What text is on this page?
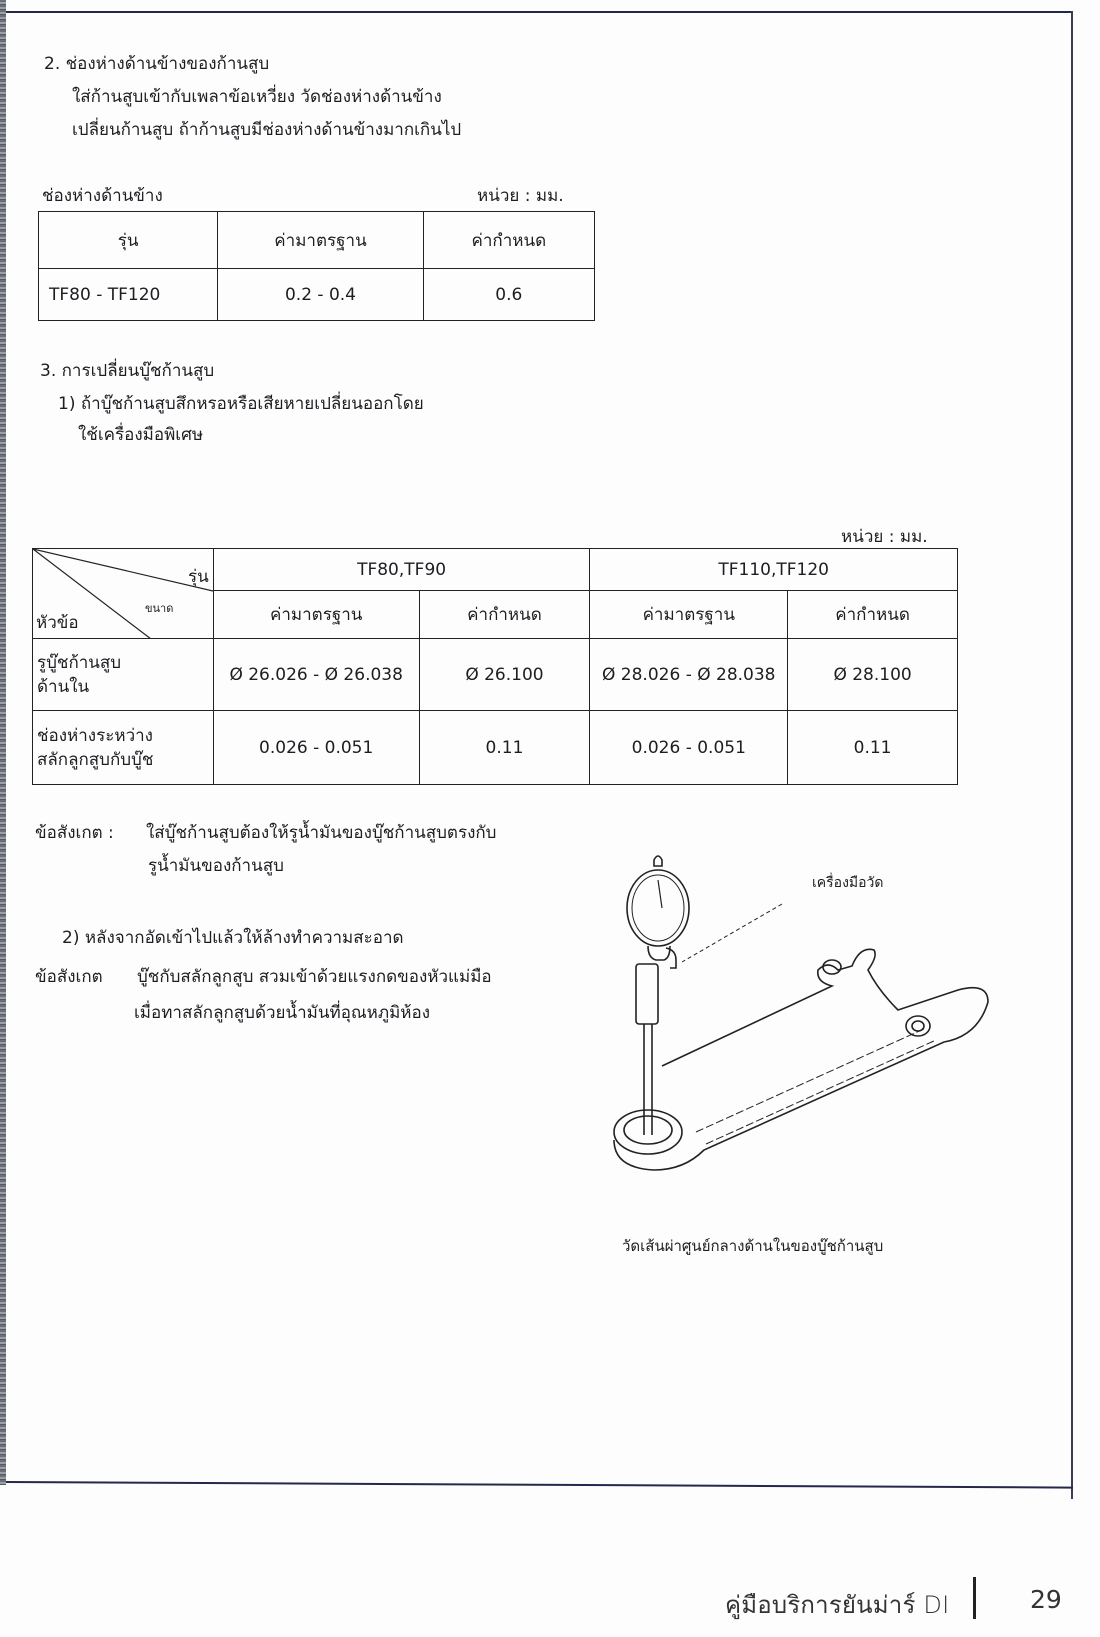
2. ช่องห่างด้านข้างของก้านสูบ
ใส่ก้านสูบเข้ากับเพลาข้อเหวี่ยง วัดช่องห่างด้านข้าง
เปลี่ยนก้านสูบ ถ้าก้านสูบมีช่องห่างด้านข้างมากเกินไป
ช่องห่างด้านข้าง	หน่วย : มม.
รุ่น	ค่ามาตรฐาน	ค่ากำหนด
TF80 - TF120	0.2 - 0.4	0.6
3. การเปลี่ยนบู๊ชก้านสูบ
1) ถ้าบู๊ชก้านสูบสึกหรอหรือเสียหายเปลี่ยนออกโดย
ใช้เครื่องมือพิเศษ
หน่วย : มม.
รุ่น
ขนาด
หัวข้อ	TF80,TF90		TF110,TF120	
	ค่ามาตรฐาน	ค่ากำหนด	ค่ามาตรฐาน	ค่ากำหนด

รูบู๊ชก้านสูบ
ด้านใน	Ø 26.026 - Ø 26.038	Ø 26.100	Ø 28.026 - Ø 28.038	Ø 28.100

ช่องห่างระหว่าง
สลักลูกสูบกับบู๊ช	0.026 - 0.051	0.11	0.026 - 0.051	0.11
ข้อสังเกต : ใส่บู๊ชก้านสูบต้องให้รูน้ำมันของบู๊ชก้านสูบตรงกับ
รูน้ำมันของก้านสูบ
2) หลังจากอัดเข้าไปแล้วให้ล้างทำความสะอาด
ข้อสังเกต บู๊ชกับสลักลูกสูบ สวมเข้าด้วยแรงกดของหัวแม่มือ
เมื่อทาสลักลูกสูบด้วยน้ำมันที่อุณหภูมิห้อง
เครื่องมือวัด
วัดเส้นผ่าศูนย์กลางด้านในของบู๊ชก้านสูบ
คู่มือบริการยันม่าร์ DI	29
